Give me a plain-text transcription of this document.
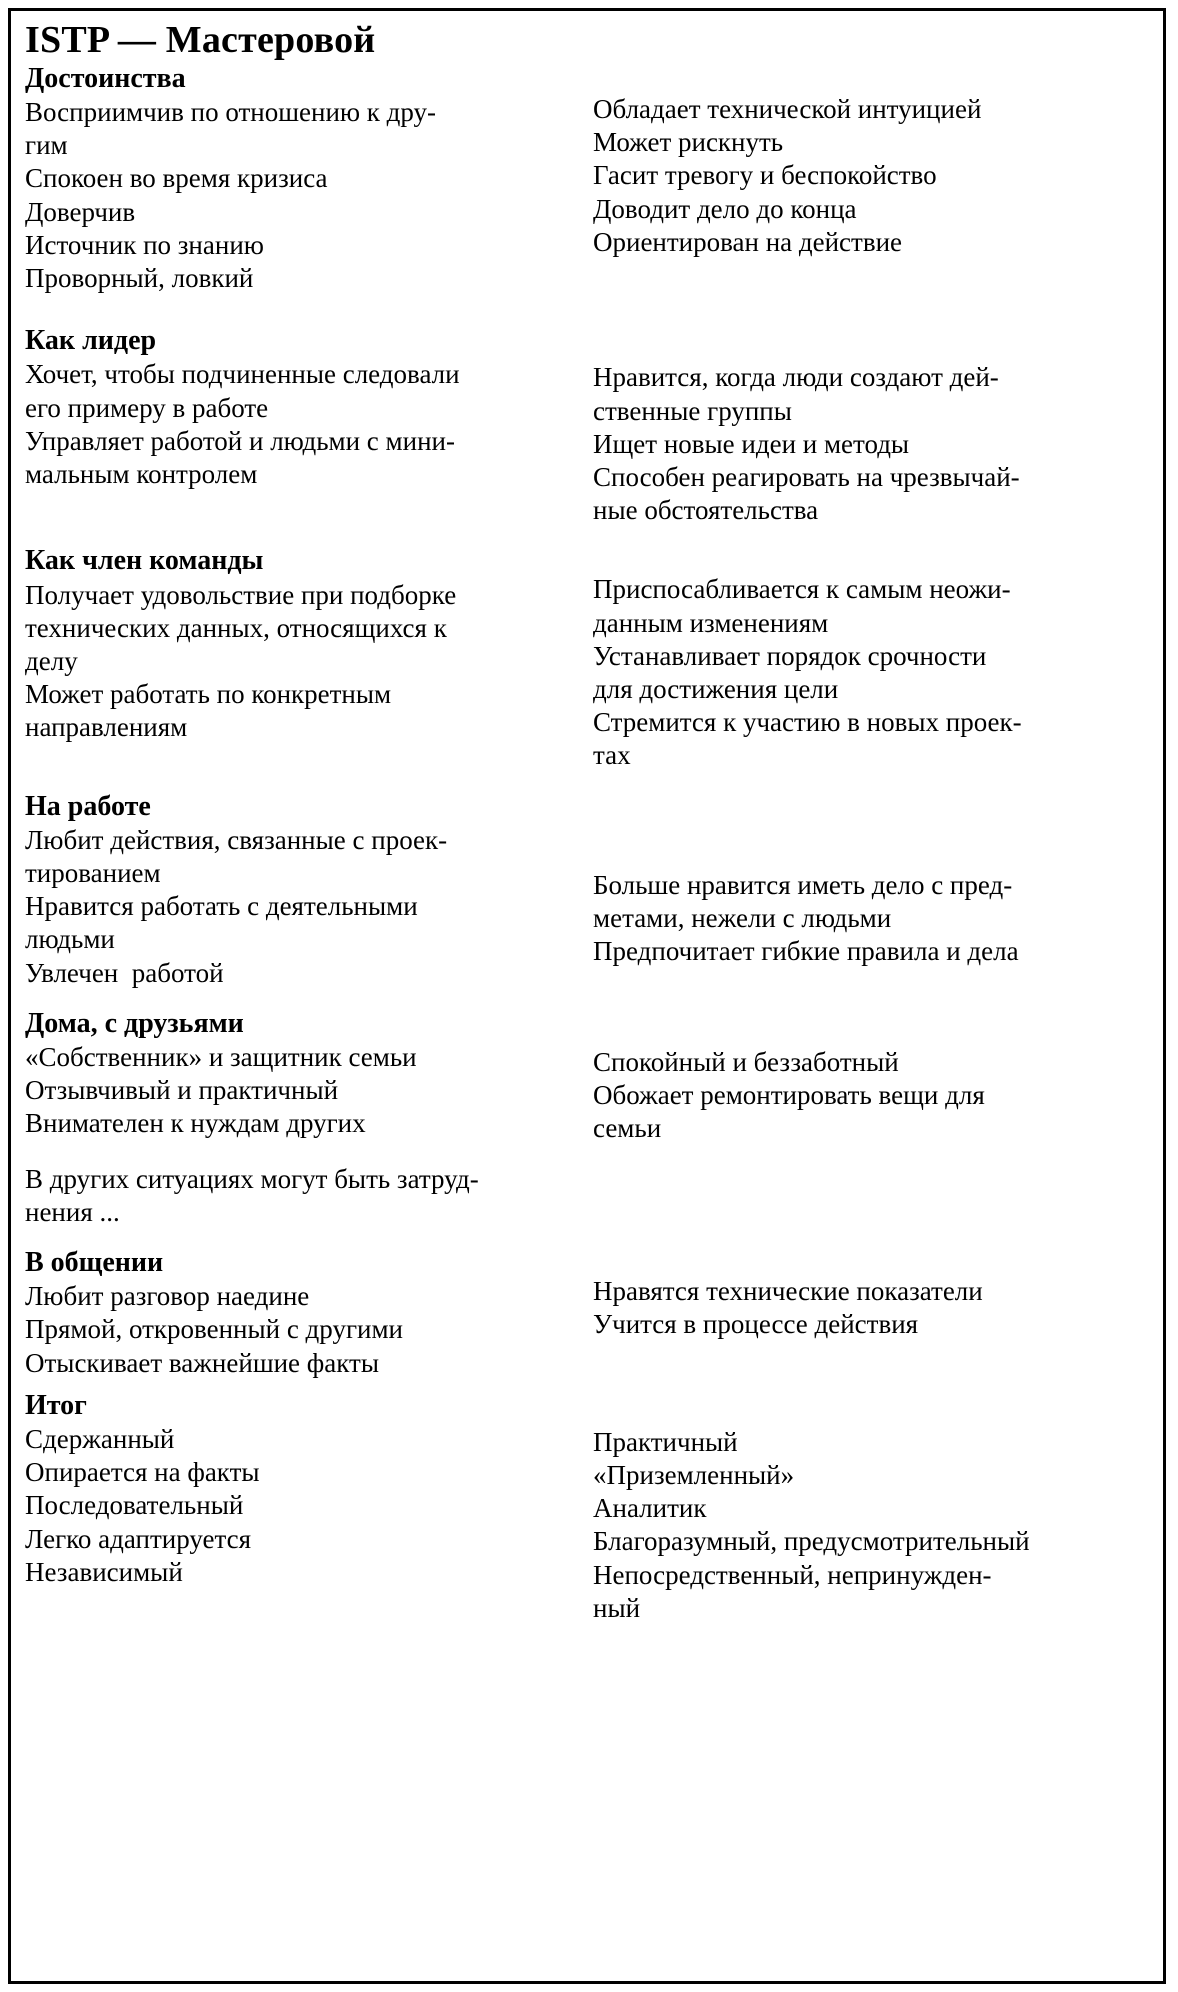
ISTP — Мастеровой
Достоинства

Восприимчив по отношению к дру-

гим

Спокоен во время кризиса

Доверчив

Источник по знанию

Проворный, ловкий

Обладает технической интуицией

Может рискнуть

Гасит тревогу и беспокойство

Доводит дело до конца

Ориентирован на действие

Как лидер

Хочет, чтобы подчиненные следовали

его примеру в работе

Управляет работой и людьми с мини-

мальным контролем

Нравится, когда люди создают дей-

ственные группы

Ищет новые идеи и методы

Способен реагировать на чрезвычай-

ные обстоятельства

Как член команды

Получает удовольствие при подборке

технических данных, относящихся к

делу

Может работать по конкретным

направлениям

Приспосабливается к самым неожи-

данным изменениям

Устанавливает порядок срочности

для достижения цели

Стремится к участию в новых проек-

тах

На работе

Любит действия, связанные с проек-

тированием

Нравится работать с деятельными

людьми

Увлечен  работой

Больше нравится иметь дело с пред-

метами, нежели с людьми

Предпочитает гибкие правила и дела

Дома, с друзьями

«Собственник» и защитник семьи

Отзывчивый и практичный

Внимателен к нуждам других

В других ситуациях могут быть затруд-

нения ...

Спокойный и беззаботный

Обожает ремонтировать вещи для

семьи

В общении

Любит разговор наедине

Прямой, откровенный с другими

Отыскивает важнейшие факты

Нравятся технические показатели

Учится в процессе действия

Итог

Сдержанный

Опирается на факты

Последовательный

Легко адаптируется

Независимый

Практичный

«Приземленный»

Аналитик

Благоразумный, предусмотрительный

Непосредственный, непринужден-

ный
